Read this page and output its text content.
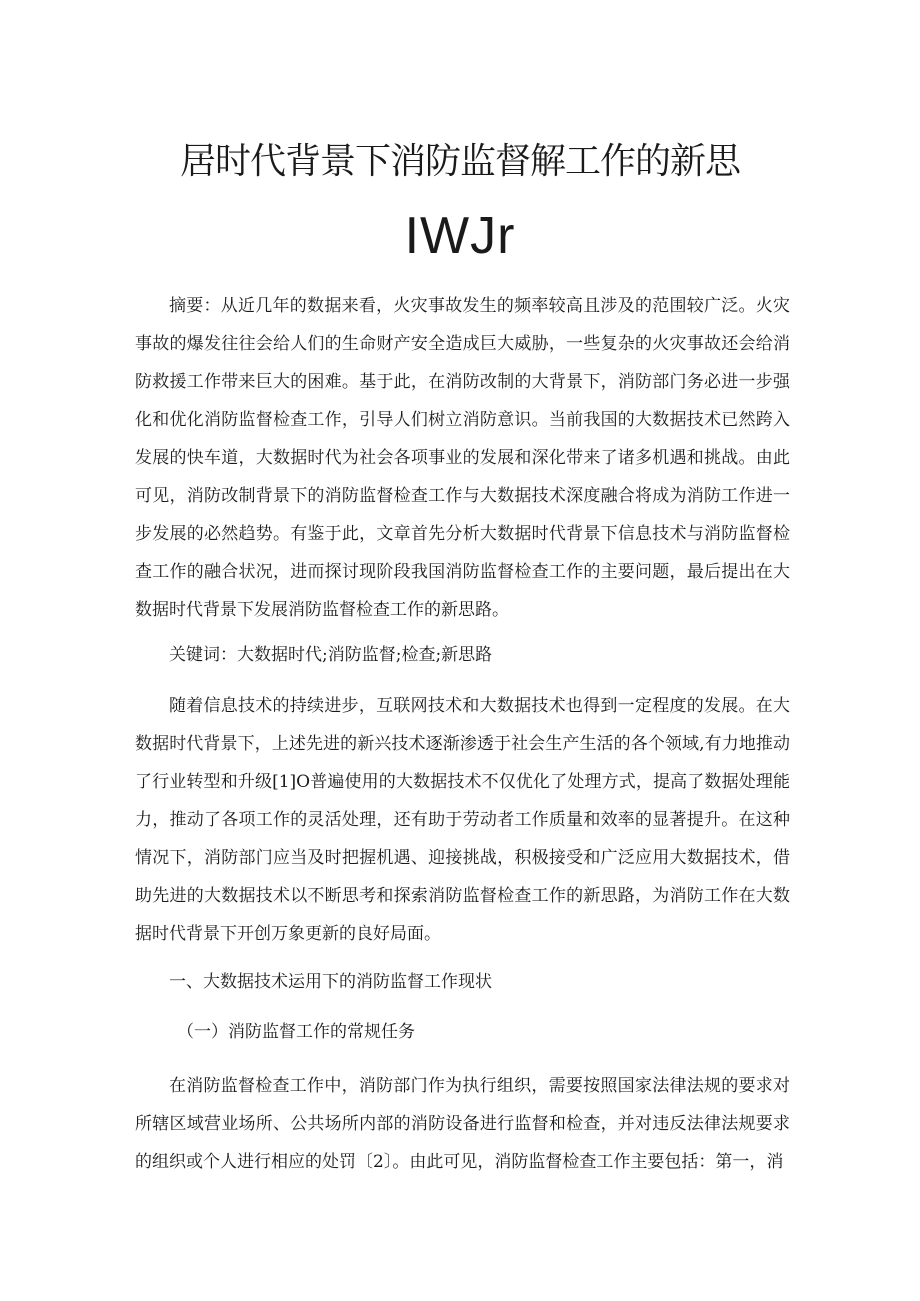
居时代背景下消防监督解工作的新思
IWJr

摘要：从近几年的数据来看，火灾事故发生的频率较高且涉及的范围较广泛。火灾事故的爆发往往会给人们的生命财产安全造成巨大威胁，一些复杂的火灾事故还会给消防救援工作带来巨大的困难。基于此，在消防改制的大背景下，消防部门务必进一步强化和优化消防监督检查工作，引导人们树立消防意识。当前我国的大数据技术已然跨入发展的快车道，大数据时代为社会各项事业的发展和深化带来了诸多机遇和挑战。由此可见，消防改制背景下的消防监督检查工作与大数据技术深度融合将成为消防工作进一步发展的必然趋势。有鉴于此，文章首先分析大数据时代背景下信息技术与消防监督检查工作的融合状况，进而探讨现阶段我国消防监督检查工作的主要问题，最后提出在大数据时代背景下发展消防监督检查工作的新思路。

关键词：大数据时代;消防监督;检查;新思路

随着信息技术的持续进步，互联网技术和大数据技术也得到一定程度的发展。在大数据时代背景下，上述先进的新兴技术逐渐渗透于社会生产生活的各个领域,有力地推动了行业转型和升级[1]O普遍使用的大数据技术不仅优化了处理方式，提高了数据处理能力，推动了各项工作的灵活处理，还有助于劳动者工作质量和效率的显著提升。在这种情况下，消防部门应当及时把握机遇、迎接挑战，积极接受和广泛应用大数据技术，借助先进的大数据技术以不断思考和探索消防监督检查工作的新思路，为消防工作在大数据时代背景下开创万象更新的良好局面。

一、大数据技术运用下的消防监督工作现状

（一）消防监督工作的常规任务

在消防监督检查工作中，消防部门作为执行组织，需要按照国家法律法规的要求对所辖区域营业场所、公共场所内部的消防设备进行监督和检查，并对违反法律法规要求的组织或个人进行相应的处罚〔2〕。由此可见，消防监督检查工作主要包括：第一，消
